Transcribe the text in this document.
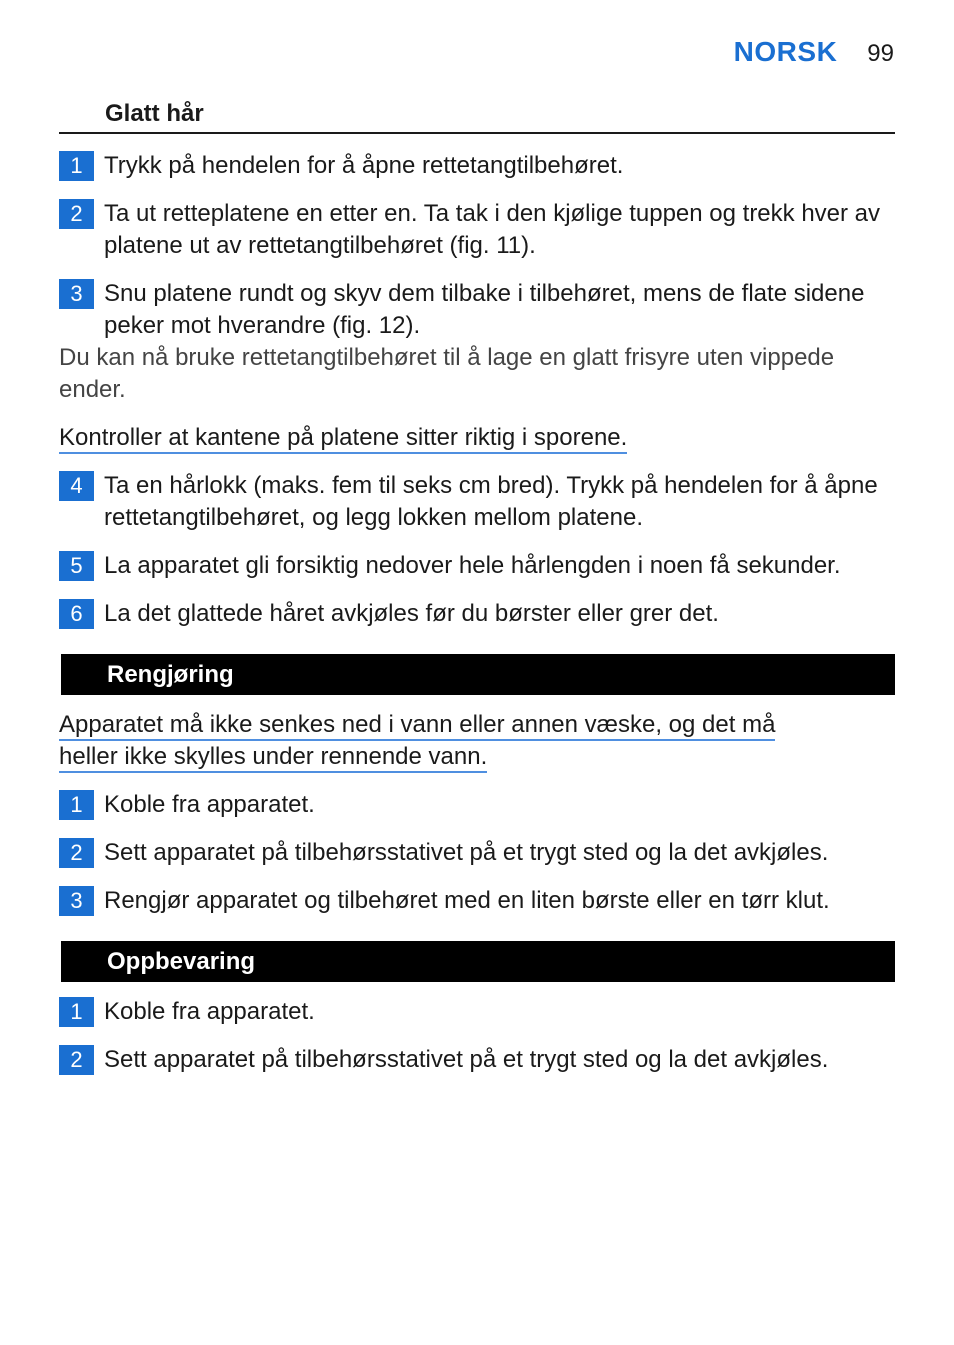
NORSK 99
Glatt hår
1 Trykk på hendelen for å åpne rettetangtilbehøret.
2 Ta ut retteplatene en etter en. Ta tak i den kjølige tuppen og trekk hver av platene ut av rettetangtilbehøret (fig. 11).
3 Snu platene rundt og skyv dem tilbake i tilbehøret, mens de flate sidene peker mot hverandre (fig. 12).
Du kan nå bruke rettetangtilbehøret til å lage en glatt frisyre uten vippede ender.
Kontroller at kantene på platene sitter riktig i sporene.
4 Ta en hårlokk (maks. fem til seks cm bred). Trykk på hendelen for å åpne rettetangtilbehøret, og legg lokken mellom platene.
5 La apparatet gli forsiktig nedover hele hårlengden i noen få sekunder.
6 La det glattede håret avkjøles før du børster eller grer det.
Rengjøring
Apparatet må ikke senkes ned i vann eller annen væske, og det må
heller ikke skylles under rennende vann.
1 Koble fra apparatet.
2 Sett apparatet på tilbehørsstativet på et trygt sted og la det avkjøles.
3 Rengjør apparatet og tilbehøret med en liten børste eller en tørr klut.
Oppbevaring
1 Koble fra apparatet.
2 Sett apparatet på tilbehørsstativet på et trygt sted og la det avkjøles.
